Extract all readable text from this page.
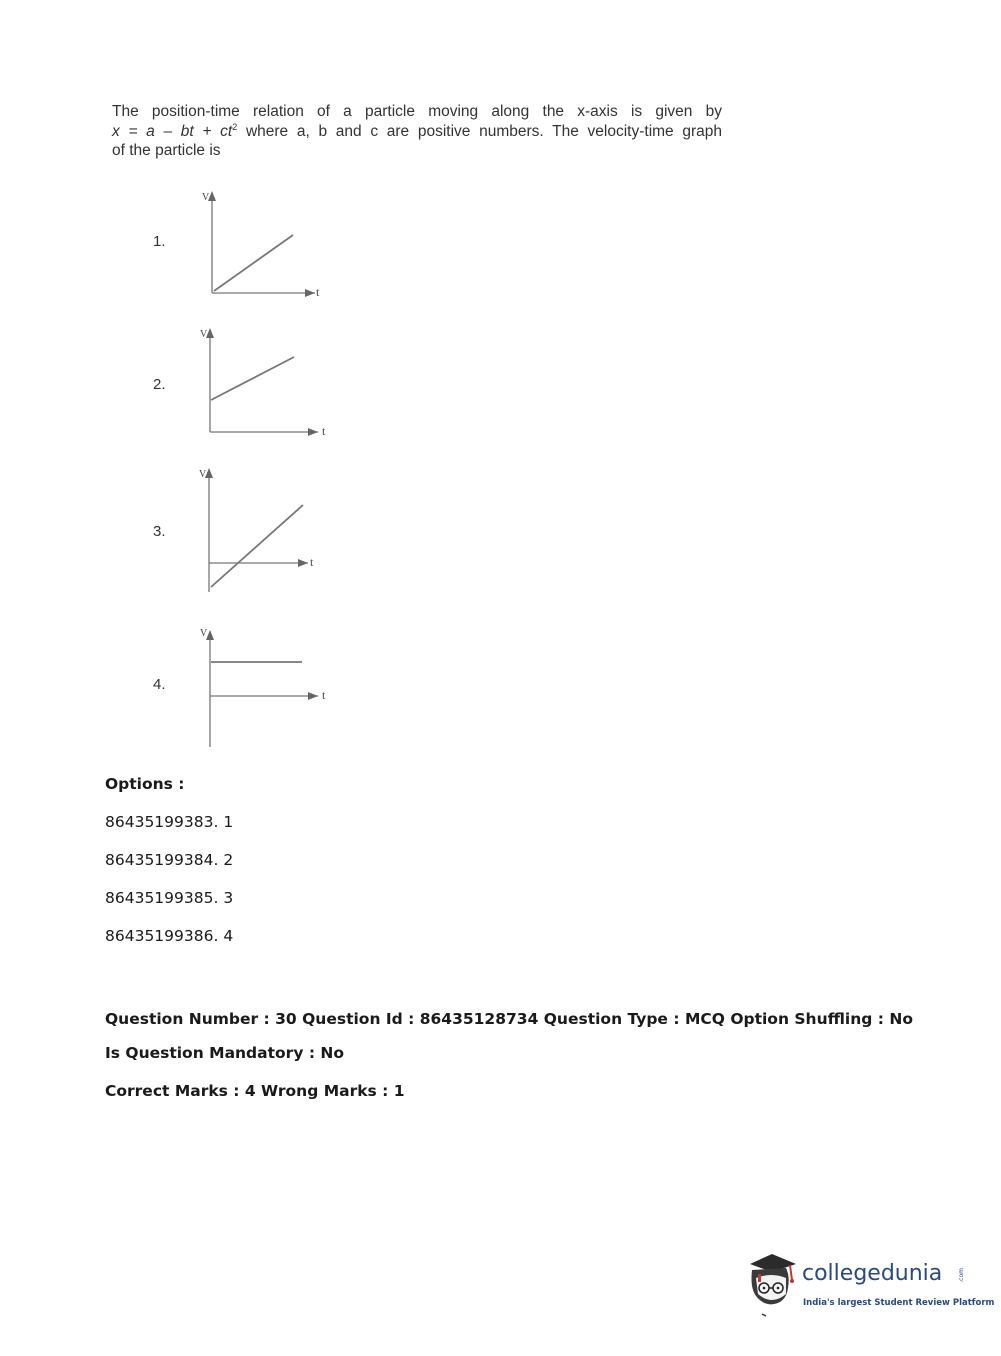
The position-time relation of a particle moving along the x-axis is given by
x = a – bt + $ct^2$ where a, b and c are positive numbers. The velocity-time graph
of the particle is
1.
V
t
2.
V
t
3.
V
t
4.
V
t
Options :
86435199383. 1
86435199384. 2
86435199385. 3
86435199386. 4
Question Number : 30 Question Id : 86435128734 Question Type : MCQ Option Shuffling : No
Is Question Mandatory : No
Correct Marks : 4 Wrong Marks : 1
collegedunia	.com
India's largest Student Review Platform
